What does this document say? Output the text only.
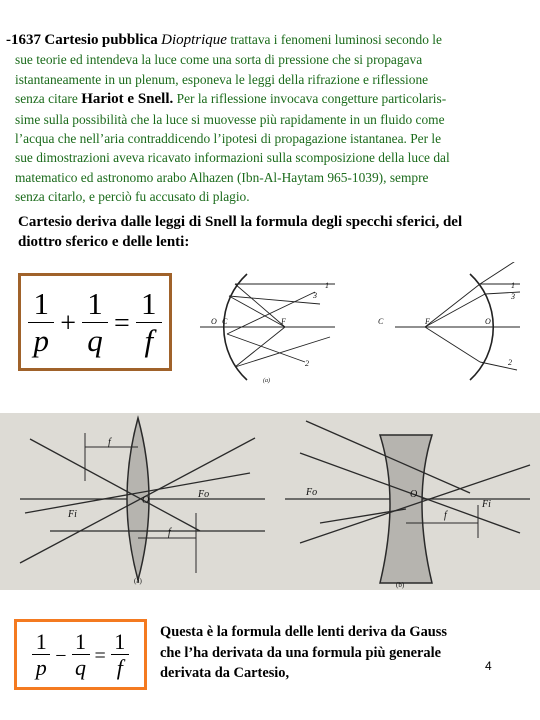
-1637 Cartesio pubblica Dioptrique trattava i fenomeni luminosi secondo le
sue teorie ed intendeva la luce come una sorta di pressione che si propagava
istantaneamente in un plenum, esponeva le leggi della rifrazione e riflessione
senza citare Hariot e Snell. Per la riflessione invocava congetture particolaris-
sime sulla possibilità che la luce si muovesse più rapidamente in un fluido come
l’acqua che nell’aria contraddicendo l’ipotesi di propagazione istantanea. Per le
sue dimostrazioni aveva ricavato informazioni sulla scomposizione della luce dal
matematico ed astronomo arabo Alhazen (Ibn-Al-Haytam 965-1039), sempre
senza citarlo, e perciò fu accusato di plagio.
Cartesio deriva dalle leggi di Snell la formula degli specchi sferici, del
diottro sferico e delle lenti:
$\frac{1}{p} + \frac{1}{q} = \frac{1}{f}$	C
O	F
1
2
3
(a)
C	F	O
1
2
3
f
Fi
O
Fo
f
(a)
Fo	O
Fi
f
(b)
$\frac{1}{p} - \frac{1}{q} = \frac{1}{f}$ Questa è la formula delle lenti deriva da Gauss
che l’ha derivata da una formula più generale
derivata da Cartesio,	4
